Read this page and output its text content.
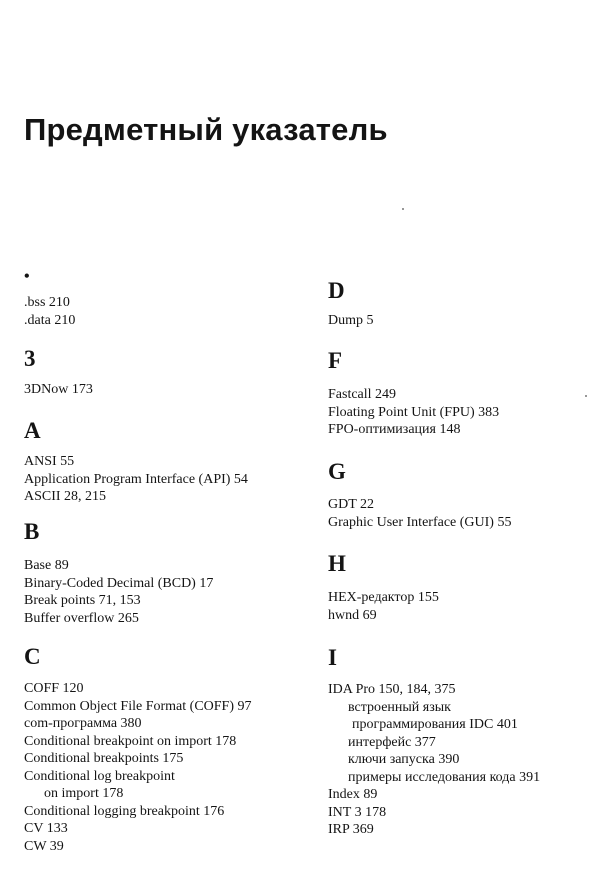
Предметный указатель
•
.bss 210
.data 210
3
3DNow 173
A
ANSI 55
Application Program Interface (API) 54
ASCII 28, 215
B
Base 89
Binary-Coded Decimal (BCD) 17
Break points 71, 153
Buffer overflow 265
C
COFF 120
Common Object File Format (COFF) 97
com-программа 380
Conditional breakpoint on import 178
Conditional breakpoints 175
Conditional log breakpoint
on import 178
Conditional logging breakpoint 176
CV 133
CW 39
D
Dump 5
F
Fastcall 249
Floating Point Unit (FPU) 383
FPO-оптимизация 148
G
GDT 22
Graphic User Interface (GUI) 55
H
HEX-редактор 155
hwnd 69
I
IDA Pro 150, 184, 375
встроенный язык
программирования IDC 401
интерфейс 377
ключи запуска 390
примеры исследования кода 391
Index 89
INT 3 178
IRP 369
